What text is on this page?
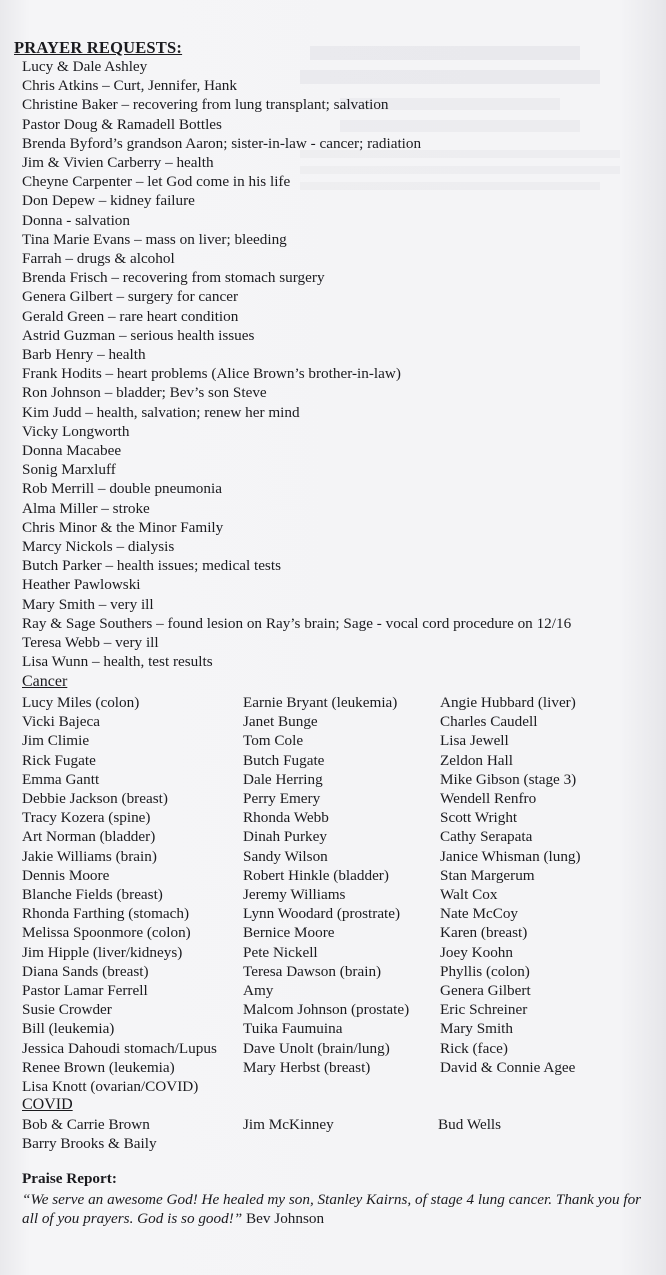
PRAYER REQUESTS:
Lucy & Dale Ashley
Chris Atkins – Curt, Jennifer, Hank
Christine Baker – recovering from lung transplant; salvation
Pastor Doug & Ramadell Bottles
Brenda Byford’s grandson Aaron; sister-in-law - cancer; radiation
Jim & Vivien Carberry – health
Cheyne Carpenter – let God come in his life
Don Depew – kidney failure
Donna - salvation
Tina Marie Evans – mass on liver; bleeding
Farrah – drugs & alcohol
Brenda Frisch – recovering from stomach surgery
Genera Gilbert – surgery for cancer
Gerald Green – rare heart condition
Astrid Guzman – serious health issues
Barb Henry – health
Frank Hodits – heart problems (Alice Brown’s brother-in-law)
Ron Johnson – bladder; Bev’s son Steve
Kim Judd – health, salvation; renew her mind
Vicky Longworth
Donna Macabee
Sonig Marxluff
Rob Merrill – double pneumonia
Alma Miller – stroke
Chris Minor & the Minor Family
Marcy Nickols – dialysis
Butch Parker – health issues; medical tests
Heather Pawlowski
Mary Smith – very ill
Ray & Sage Southers – found lesion on Ray’s brain; Sage - vocal cord procedure on 12/16
Teresa Webb – very ill
Lisa Wunn – health, test results
Cancer
Lucy Miles (colon)
Vicki Bajeca
Jim Climie
Rick Fugate
Emma Gantt
Debbie Jackson (breast)
Tracy Kozera (spine)
Art Norman (bladder)
Jakie Williams (brain)
Dennis Moore
Blanche Fields (breast)
Rhonda Farthing (stomach)
Melissa Spoonmore (colon)
Jim Hipple (liver/kidneys)
Diana Sands (breast)
Pastor Lamar Ferrell
Susie Crowder
Bill (leukemia)
Jessica Dahoudi stomach/Lupus
Renee Brown (leukemia)
Lisa Knott (ovarian/COVID)
Earnie Bryant (leukemia)
Janet Bunge
Tom Cole
Butch Fugate
Dale Herring
Perry Emery
Rhonda Webb
Dinah Purkey
Sandy Wilson
Robert Hinkle (bladder)
Jeremy Williams
Lynn Woodard (prostrate)
Bernice Moore
Pete Nickell
Teresa Dawson (brain)
Amy
Malcom Johnson (prostate)
Tuika Faumuina
Dave Unolt (brain/lung)
Mary Herbst (breast)
Angie Hubbard (liver)
Charles Caudell
Lisa Jewell
Zeldon Hall
Mike Gibson (stage 3)
Wendell Renfro
Scott Wright
Cathy Serapata
Janice Whisman (lung)
Stan Margerum
Walt Cox
Nate McCoy
Karen (breast)
Joey Koohn
Phyllis (colon)
Genera Gilbert
Eric Schreiner
Mary Smith
Rick (face)
David & Connie Agee
COVID
Bob & Carrie Brown
Barry Brooks & Baily
Jim McKinney	Bud Wells
Praise Report:
“We serve an awesome God! He healed my son, Stanley Kairns, of stage 4 lung cancer. Thank you for all of you prayers. God is so good!” Bev Johnson
